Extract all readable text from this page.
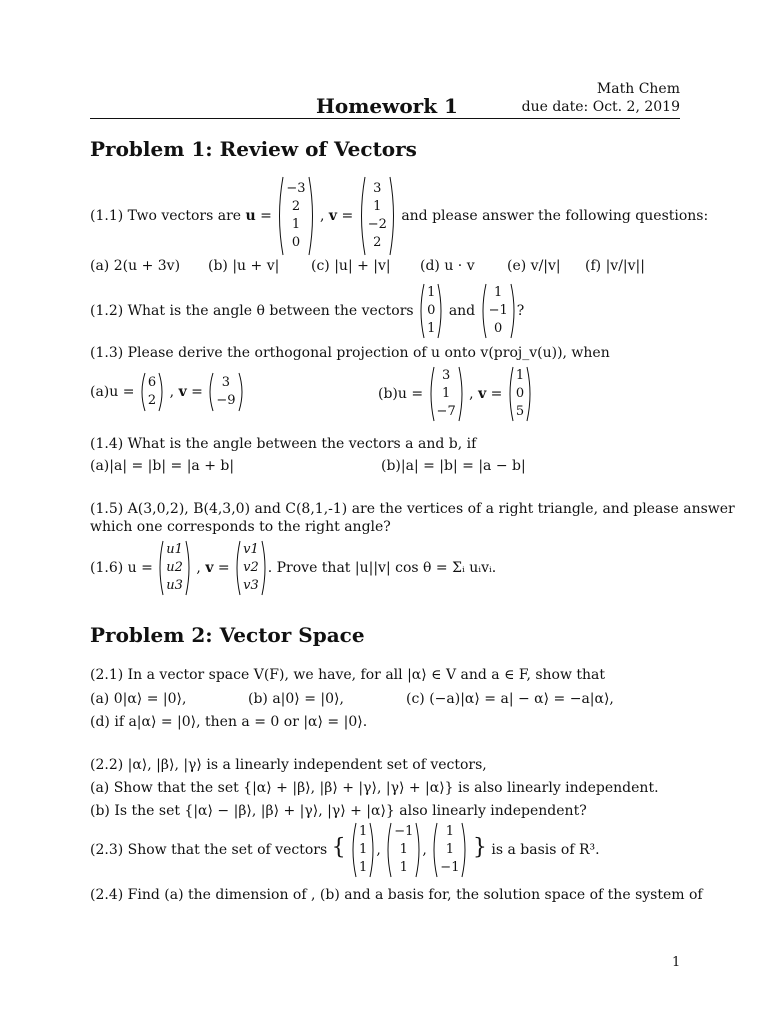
Math Chem
due date: Oct. 2, 2019
Homework 1
Problem 1: Review of Vectors
(1.1) Two vectors are u =
−3
2
1
0
, v =
3
1
−2
2
and please answer the following questions:
(a) 2(u + 3v) (b) |u + v| (c) |u| + |v| (d) u · v (e) v/|v| (f) |v/|v||
(1.2) What is the angle θ between the vectors
1
0
1
and
1
−1
0
?
(1.3) Please derive the orthogonal projection of u onto v(proj_v(u)), when
(a)u =
6
2
, v =
3
−9	(b)u =
3
1
−7
, v =
1
0
5
(1.4) What is the angle between the vectors a and b, if
(a)|a| = |b| = |a + b|	(b)|a| = |b| = |a − b|
(1.5) A(3,0,2), B(4,3,0) and C(8,1,-1) are the vertices of a right triangle, and please answer
which one corresponds to the right angle?
(1.6) u =
u1
u2
u3
, v =
v1
v2
v3
. Prove that |u||v| cos θ = Σᵢ uᵢvᵢ.
Problem 2: Vector Space
(2.1) In a vector space V(F), we have, for all |α⟩ ∈ V and a ∈ F, show that
(a) 0|α⟩ = |0⟩,	(b) a|0⟩ = |0⟩,	(c) (−a)|α⟩ = a| − α⟩ = −a|α⟩,
(d) if a|α⟩ = |0⟩, then a = 0 or |α⟩ = |0⟩.
(2.2) |α⟩, |β⟩, |γ⟩ is a linearly independent set of vectors,
(a) Show that the set {|α⟩ + |β⟩, |β⟩ + |γ⟩, |γ⟩ + |α⟩} is also linearly independent.
(b) Is the set {|α⟩ − |β⟩, |β⟩ + |γ⟩, |γ⟩ + |α⟩} also linearly independent?
(2.3) Show that the set of vectors {
1
1
1
,
−1
1
1
,
1
1
−1
} is a basis of R³.
(2.4) Find (a) the dimension of , (b) and a basis for, the solution space of the system of
1
